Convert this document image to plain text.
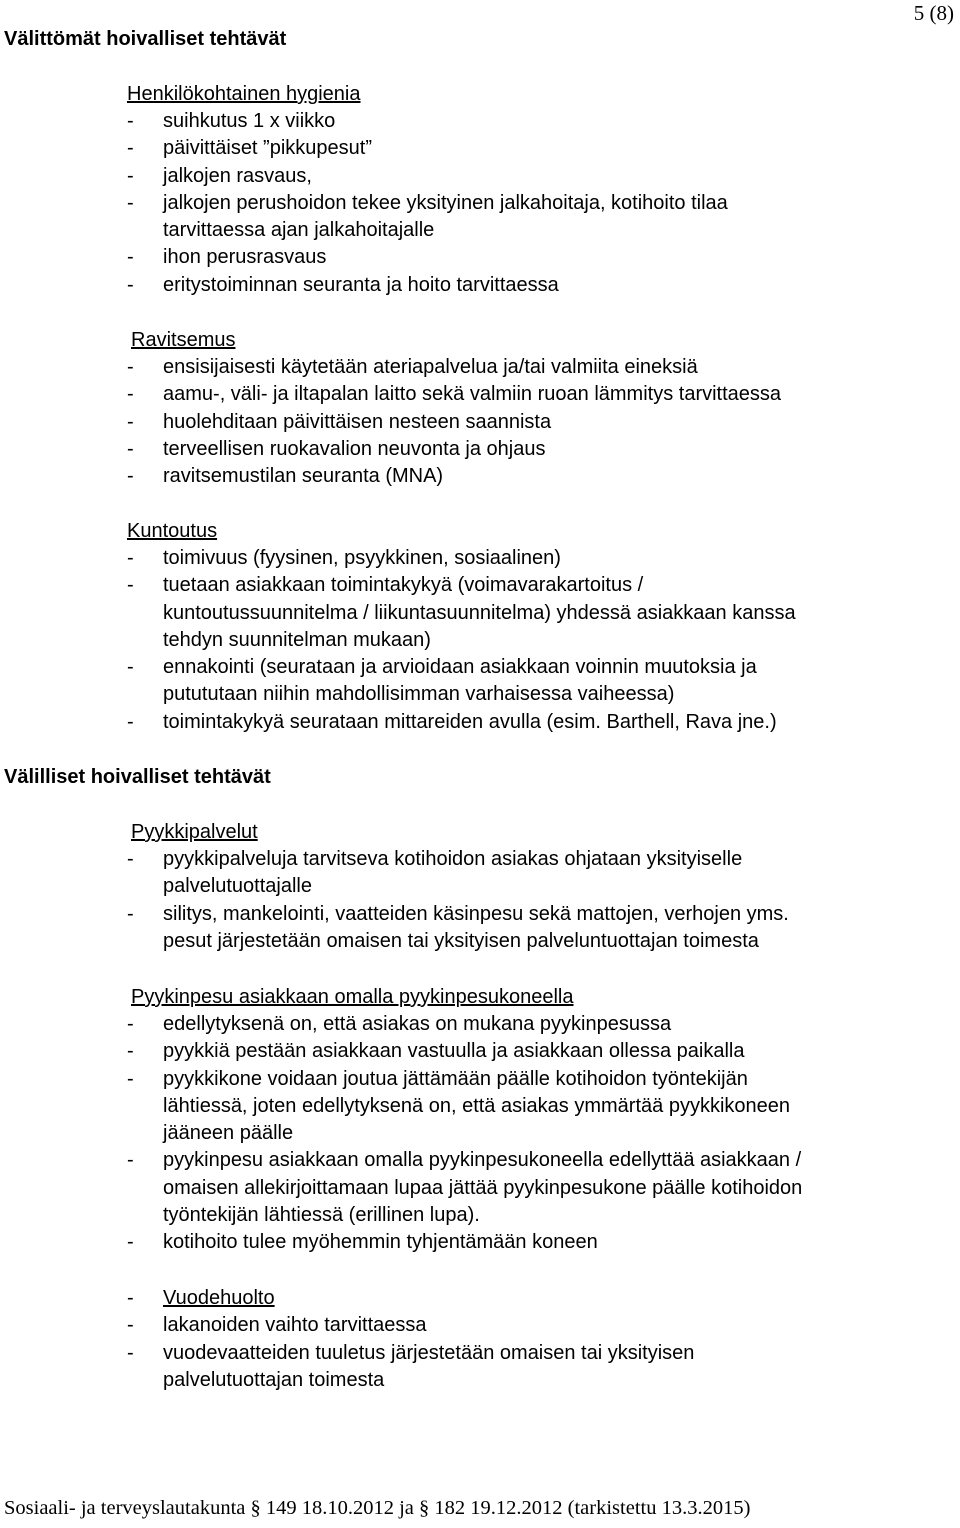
5 (8)
Välittömät hoivalliset tehtävät
Henkilökohtainen hygienia
-	suihkutus 1 x viikko
-	päivittäiset ”pikkupesut”
-	jalkojen rasvaus,
-	jalkojen perushoidon tekee yksityinen jalkahoitaja, kotihoito tilaa
tarvittaessa ajan jalkahoitajalle
-	ihon perusrasvaus
-	eritystoiminnan seuranta ja hoito tarvittaessa
Ravitsemus
-	ensisijaisesti käytetään ateriapalvelua ja/tai valmiita eineksiä
-	aamu-, väli- ja iltapalan laitto sekä valmiin ruoan lämmitys tarvittaessa
-	huolehditaan päivittäisen nesteen saannista
-	terveellisen ruokavalion neuvonta ja ohjaus
-	ravitsemustilan seuranta (MNA)
Kuntoutus
-	toimivuus (fyysinen, psyykkinen, sosiaalinen)
-	tuetaan asiakkaan toimintakykyä (voimavarakartoitus /
kuntoutussuunnitelma / liikuntasuunnitelma) yhdessä asiakkaan kanssa
tehdyn suunnitelman mukaan)
-	ennakointi (seurataan ja arvioidaan asiakkaan voinnin muutoksia ja
putututaan niihin mahdollisimman varhaisessa vaiheessa)
-	toimintakykyä seurataan mittareiden avulla (esim. Barthell, Rava jne.)
Välilliset hoivalliset tehtävät
Pyykkipalvelut
-	pyykkipalveluja tarvitseva kotihoidon asiakas ohjataan yksityiselle
palvelutuottajalle
-	silitys, mankelointi, vaatteiden käsinpesu sekä mattojen, verhojen yms.
pesut järjestetään omaisen tai yksityisen palveluntuottajan toimesta
Pyykinpesu asiakkaan omalla pyykinpesukoneella
-	edellytyksenä on, että asiakas on mukana pyykinpesussa
-	pyykkiä pestään asiakkaan vastuulla ja asiakkaan ollessa paikalla
-	pyykkikone voidaan joutua jättämään päälle kotihoidon työntekijän
lähtiessä, joten edellytyksenä on, että asiakas ymmärtää pyykkikoneen
jääneen päälle
-	pyykinpesu asiakkaan omalla pyykinpesukoneella edellyttää asiakkaan /
omaisen allekirjoittamaan lupaa jättää pyykinpesukone päälle kotihoidon
työntekijän lähtiessä (erillinen lupa).
-	kotihoito tulee myöhemmin tyhjentämään koneen
-	Vuodehuolto
-	lakanoiden vaihto tarvittaessa
-	vuodevaatteiden tuuletus järjestetään omaisen tai yksityisen
palvelutuottajan toimesta
Sosiaali- ja terveyslautakunta § 149 18.10.2012 ja § 182 19.12.2012 (tarkistettu 13.3.2015)
